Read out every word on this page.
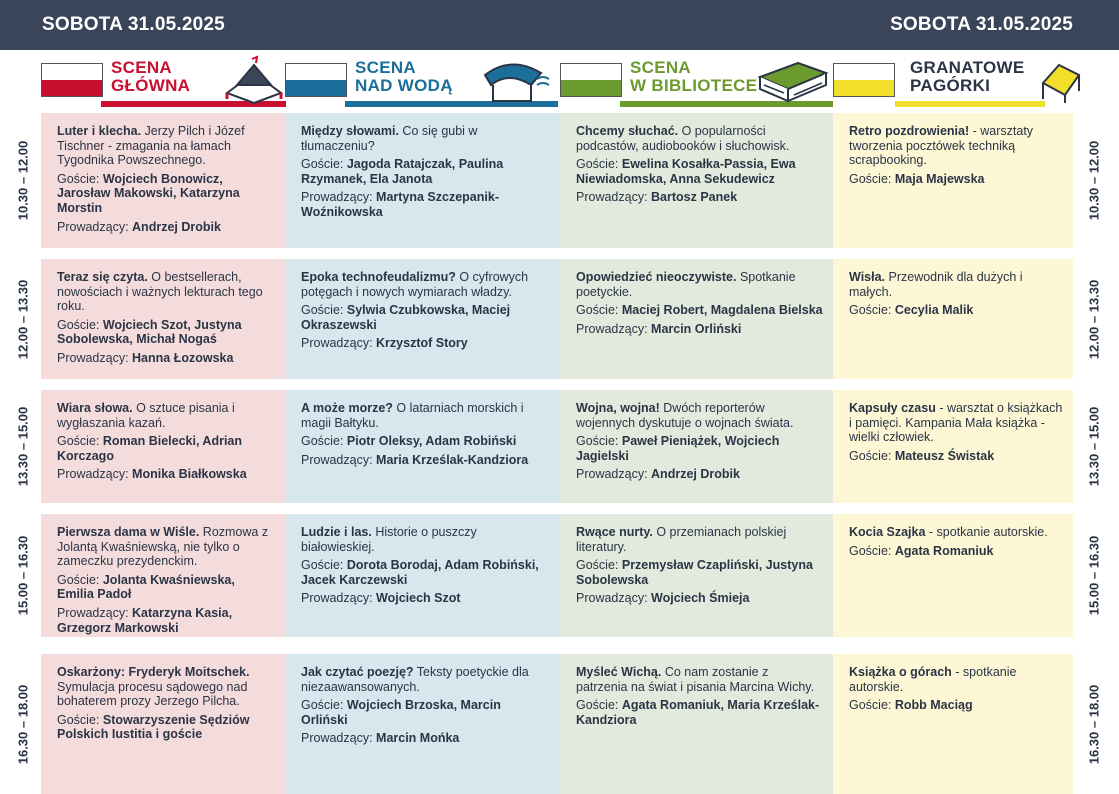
SOBOTA 31.05.2025	SOBOTA 31.05.2025
SCENA
GŁÓWNA
SCENA
NAD WODĄ
SCENA
W BIBLIOTECE
GRANATOWE
PAGÓRKI
10.30 – 12.00
12.00 – 13.30
13.30 – 15.00
15.00 – 16.30
16.30 – 18.00
10.30 – 12.00
12.00 – 13.30
13.30 – 15.00
15.00 – 16.30
16.30 – 18.00

Luter i klecha. Jerzy Pilch i Józef Tischner - zmagania na łamach Tygodnika Powszechnego.

Goście: Wojciech Bonowicz, Jarosław Makowski, Katarzyna Morstin

Prowadzący: Andrzej Drobik

Między słowami. Co się gubi w tłumaczeniu?

Goście: Jagoda Ratajczak, Paulina Rzymanek, Ela Janota

Prowadzący: Martyna Szczepanik-Woźnikowska

Chcemy słuchać. O popularności podcastów, audiobooków i słuchowisk.

Goście: Ewelina Kosałka-Passia, Ewa Niewiadomska, Anna Sekudewicz

Prowadzący: Bartosz Panek

Retro pozdrowienia! - warsztaty tworzenia pocztówek techniką scrapbooking.

Goście: Maja Majewska

Teraz się czyta. O bestsellerach, nowościach i ważnych lekturach tego roku.

Goście: Wojciech Szot, Justyna Sobolewska, Michał Nogaś

Prowadzący: Hanna Łozowska

Epoka technofeudalizmu? O cyfrowych potęgach i nowych wymiarach władzy.

Goście: Sylwia Czubkowska, Maciej Okraszewski

Prowadzący: Krzysztof Story

Opowiedzieć nieoczywiste. Spotkanie poetyckie.

Goście: Maciej Robert, Magdalena Bielska

Prowadzący: Marcin Orliński

Wisła. Przewodnik dla dużych i małych.

Goście: Cecylia Malik

Wiara słowa. O sztuce pisania i wygłaszania kazań.

Goście: Roman Bielecki, Adrian Korczago

Prowadzący: Monika Białkowska

A może morze? O latarniach morskich i magii Bałtyku.

Goście: Piotr Oleksy, Adam Robiński

Prowadzący: Maria Krześlak-Kandziora

Wojna, wojna! Dwóch reporterów wojennych dyskutuje o wojnach świata.

Goście: Paweł Pieniążek, Wojciech Jagielski

Prowadzący: Andrzej Drobik

Kapsuły czasu - warsztat o książkach i pamięci. Kampania Mała książka - wielki człowiek.

Goście: Mateusz Świstak

Pierwsza dama w Wiśle. Rozmowa z Jolantą Kwaśniewską, nie tylko o zameczku prezydenckim.

Goście: Jolanta Kwaśniewska, Emilia Padoł

Prowadzący: Katarzyna Kasia, Grzegorz Markowski

Ludzie i las. Historie o puszczy białowieskiej.

Goście: Dorota Borodaj, Adam Robiński, Jacek Karczewski

Prowadzący: Wojciech Szot

Rwące nurty. O przemianach polskiej literatury.

Goście: Przemysław Czapliński, Justyna Sobolewska

Prowadzący: Wojciech Śmieja

Kocia Szajka - spotkanie autorskie.

Goście: Agata Romaniuk

Oskarżony: Fryderyk Moitschek. Symulacja procesu sądowego nad bohaterem prozy Jerzego Pilcha.

Goście: Stowarzyszenie Sędziów Polskich Iustitia i goście

Jak czytać poezję? Teksty poetyckie dla niezaawansowanych.

Goście: Wojciech Brzoska, Marcin Orliński

Prowadzący: Marcin Mońka

Myśleć Wichą. Co nam zostanie z patrzenia na świat i pisania Marcina Wichy.

Goście: Agata Romaniuk, Maria Krześlak-Kandziora

Książka o górach - spotkanie autorskie.

Goście: Robb Maciąg
